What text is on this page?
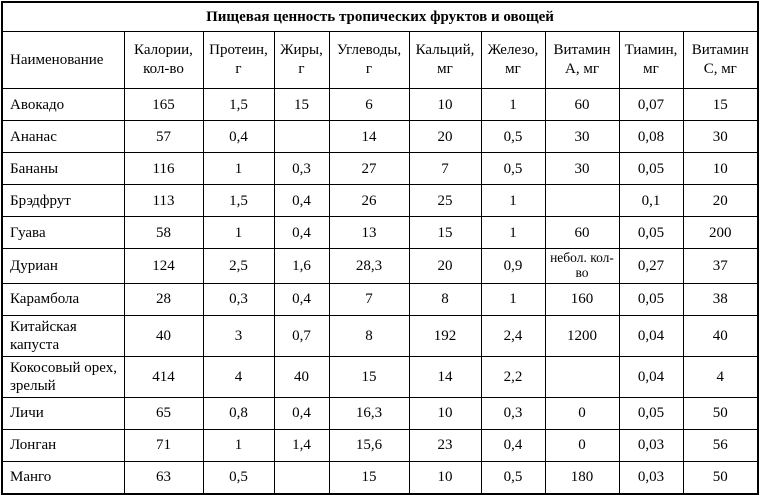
Пищевая ценность тропических фруктов и овощей									
Наименование	Калории, кол-во	Протеин, г	Жиры, г	Углеводы, г	Кальций, мг	Железо, мг	Витамин А, мг	Тиамин, мг	Витамин С, мг
Авокадо	165	1,5	15	6	10	1	60	0,07	15
Ананас	57	0,4		14	20	0,5	30	0,08	30
Бананы	116	1	0,3	27	7	0,5	30	0,05	10
Брэдфрут	113	1,5	0,4	26	25	1		0,1	20
Гуава	58	1	0,4	13	15	1	60	0,05	200
Дуриан	124	2,5	1,6	28,3	20	0,9	небол. кол-во	0,27	37
Карамбола	28	0,3	0,4	7	8	1	160	0,05	38
Китайская капуста	40	3	0,7	8	192	2,4	1200	0,04	40
Кокосовый орех, зрелый	414	4	40	15	14	2,2		0,04	4
Личи	65	0,8	0,4	16,3	10	0,3	0	0,05	50
Лонган	71	1	1,4	15,6	23	0,4	0	0,03	56
Манго	63	0,5		15	10	0,5	180	0,03	50
